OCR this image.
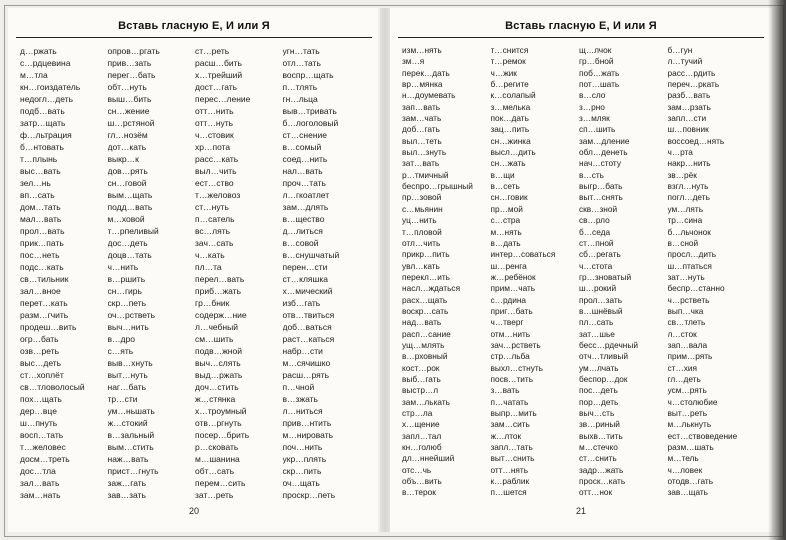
Вставь гласную Е, И или Я
д…ржать
с…рдцевина
м…тла
кн…гоиздатель
недогл…деть
подб…вать
затр…щать
ф…льтрация
б…нтовать
т…плынь
выс…вать
зел…нь
вп…сать
дом…тать
мал…вать
прол…вать
прик…пать
пос…неть
подс…кать
св…тильник
зал…вное
перет…кать
разм…гчить
продеш…вить
огр…бать
озв…реть
выс…деть
ст…хоплёт
св…тловолосый
пох…щать
дер…вце
ш…пнуть
восп…тать
т…желовес
досм…треть
дос…тла
зал…вать
зам…нать
опров…ргать
прив…зать
перег…бать
обт…нуть
выш…бить
сн…жение
ш…рстяной
гл…нозём
дот…кать
выкр…к
дов…рять
сн…говой
вым…щать
подд…вать
м…ховой
т…рпеливый
дос…деть
доцв…тать
ч…нить
в…ршить
сн…гирь
скр…петь
оч…рстветь
выч…нить
в…дро
с…ять
выв…хнуть
выт…нуть
наг…бать
тр…сти
ум…ньшать
ж…стокий
в…зальный
вым…стить
наж…вать
прист…гнуть
заж…гать
зав…зать
ст…реть
расш…бить
х…трейший
дост…гать
перес…ление
отт…нить
отт…нуть
ч…стовик
хр…пота
расс…кать
выл…чить
ест…ство
т…желовоз
ст…нуть
п…сатель
вс…лять
зач…сать
ч…кать
пл…та
перел…вать
приб…жать
гр…бник
содерж…ние
л…чебный
см…шить
подв…жной
выч…слять
выд…ржать
доч…стить
ж…стянка
х…троумный
отв…ргнуть
посер…брить
р…сковать
м…шанина
обт…сать
перем…сить
зат…реть
угн…тать
отл…тать
воспр…щать
п…тлять
гн…льца
выв…тривать
б…логоловый
ст…снение
в…сомый
соед…нить
нал…вать
проч…тать
л…гкоатлет
зам…длять
в…щество
д…литься
в…совой
в…снушчатый
перен…сти
ст…кляшка
х…мический
изб…гать
отв…твиться
доб…ваться
раст…каться
набр…сти
м…сячишко
расш…рять
п…чной
в…зжать
л…ниться
прив…нтить
м…нировать
поч…нить
укр…плять
скр…пить
оч…щать
проскр…петь
20
Вставь гласную Е, И или Я
изм…нять
зм…я
перек…дать
вр…мянка
н…доумевать
зап…вать
зам…чать
доб…гать
выл…теть
выл…знуть
зат…вать
р…тмичный
беспро…грышный
пр…зовой
с…мьянин
уц…нить
т…пловой
отл…чить
прикр…пить
увл…кать
перекл…ить
насл…ждаться
расх…щать
воскр…сать
над…вать
расп…сание
ущ…млять
в…рховный
кост…рок
выб…гать
выстр…л
зам…лькать
стр…ла
х…щение
запл…тал
кн…голюб
дл…ннейший
отс…чь
объ…вить
в…терок
т…снится
т…ремок
ч…жик
б…регите
к…солапый
з…мелька
пок…дать
зац…пить
сн…жинка
высл…дить
сн…жать
в…щи
в…сеть
сн…говик
пр…мой
с…стра
м…нять
в…дать
интер…соваться
ш…ренга
ж…ребёнок
прим…чать
с…рдина
приг…бать
ч…тверг
отм…нить
зач…рстветь
стр…льба
выхл…стнуть
посв…тить
з…вать
п…чатать
выпр…мить
зам…сить
ж…лток
запл…тать
выт…снить
отт…нять
к…раблик
п…шется
щ…лчок
гр…бной
поб…жать
пот…шать
в…сло
з…рно
з…мляк
сп…шить
зам…дление
обл…денеть
нач…стоту
в…сть
выгр…бать
выт…снять
скв…зной
св…рло
б…седа
ст…пной
сб…регать
ч…стота
гр…зноватый
ш…рокий
прол…зать
в…шнёвый
пл…сать
зат…шье
бесс…рдечный
отч…тливый
ум…лчать
беспор…док
пос…деть
пор…деть
выч…сть
зв…риный
выхв…тить
м…стечко
ст…снить
задр…жать
проск…кать
отт…нок
б…гун
л…тучий
расс…рдить
переч…ркать
разб…вать
зам…рзать
запл…сти
ш…повник
воссоед…нять
ч…рта
накр…нить
зв…рёк
взгл…нуть
погл…деть
ум…лять
тр…сина
б…льчонок
в…сной
просл…дить
ш…птаться
зат…нуть
беспр…станно
ч…рстветь
вып…чка
св…тлеть
л…сток
зап…вала
прим…рять
ст…хия
гл…деть
усм…рять
ч…столюбие
выт…реть
м…лькнуть
ест…ствоведение
разм…шать
м…тель
ч…ловек
отодв…гать
зав…щать
21
